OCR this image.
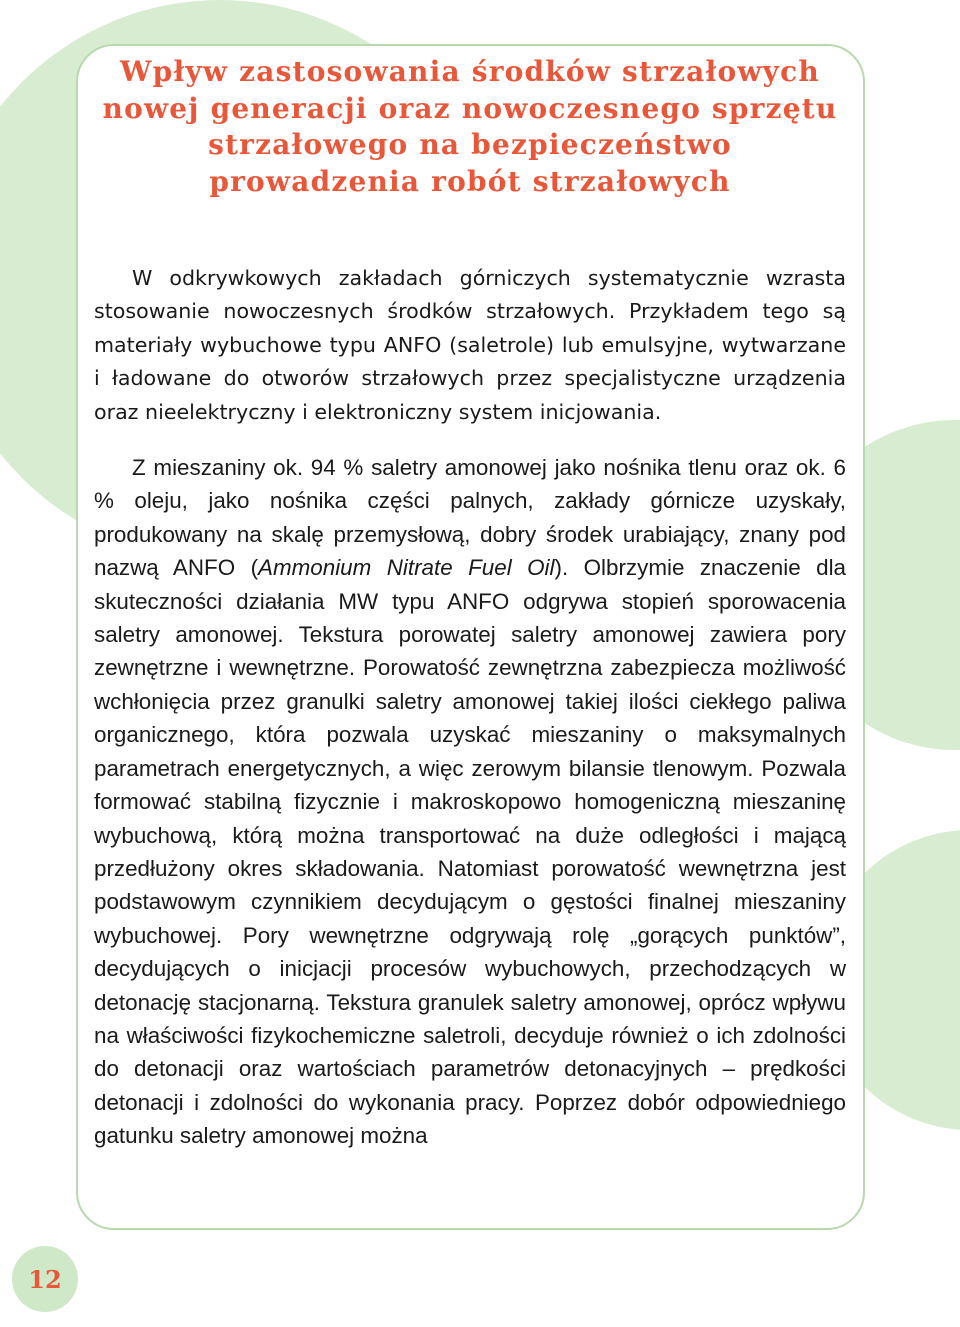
Wpływ zastosowania środków strzałowych nowej generacji oraz nowoczesnego sprzętu strzałowego na bezpieczeństwo prowadzenia robót strzałowych

W odkrywkowych zakładach górniczych systematycznie wzrasta stosowanie nowoczesnych środków strzałowych. Przykładem tego są materiały wybuchowe typu ANFO (saletrole) lub emulsyjne, wytwarzane i ładowane do otworów strzałowych przez specjalistyczne urządzenia oraz nieelektryczny i elektroniczny system inicjowania.

Z mieszaniny ok. 94 % saletry amonowej jako nośnika tlenu oraz ok. 6 % oleju, jako nośnika części palnych, zakłady górnicze uzyskały, produkowany na skalę przemysłową, dobry środek urabiający, znany pod nazwą ANFO (Ammonium Nitrate Fuel Oil). Olbrzymie znaczenie dla skuteczności działania MW typu ANFO odgrywa stopień sporowacenia saletry amonowej. Tekstura porowatej saletry amonowej zawiera pory zewnętrzne i wewnętrzne. Porowatość zewnętrzna zabezpiecza możliwość wchłonięcia przez granulki saletry amonowej takiej ilości ciekłego paliwa organicznego, która pozwala uzyskać mieszaniny o maksymalnych parametrach energetycznych, a więc zerowym bilansie tlenowym. Pozwala formować stabilną fizycznie i makroskopowo homogeniczną mieszaninę wybuchową, którą można transportować na duże odległości i mającą przedłużony okres składowania. Natomiast porowatość wewnętrzna jest podstawowym czynnikiem decydującym o gęstości finalnej mieszaniny wybuchowej. Pory wewnętrzne odgrywają rolę „gorących punktów”, decydujących o inicjacji procesów wybuchowych, przechodzących w detonację stacjonarną. Tekstura granulek saletry amonowej, oprócz wpływu na właściwości fizykochemiczne saletroli, decyduje również o ich zdolności do detonacji oraz wartościach parametrów detonacyjnych – prędkości detonacji i zdolności do wykonania pracy. Poprzez dobór odpowiedniego gatunku saletry amonowej można

12
